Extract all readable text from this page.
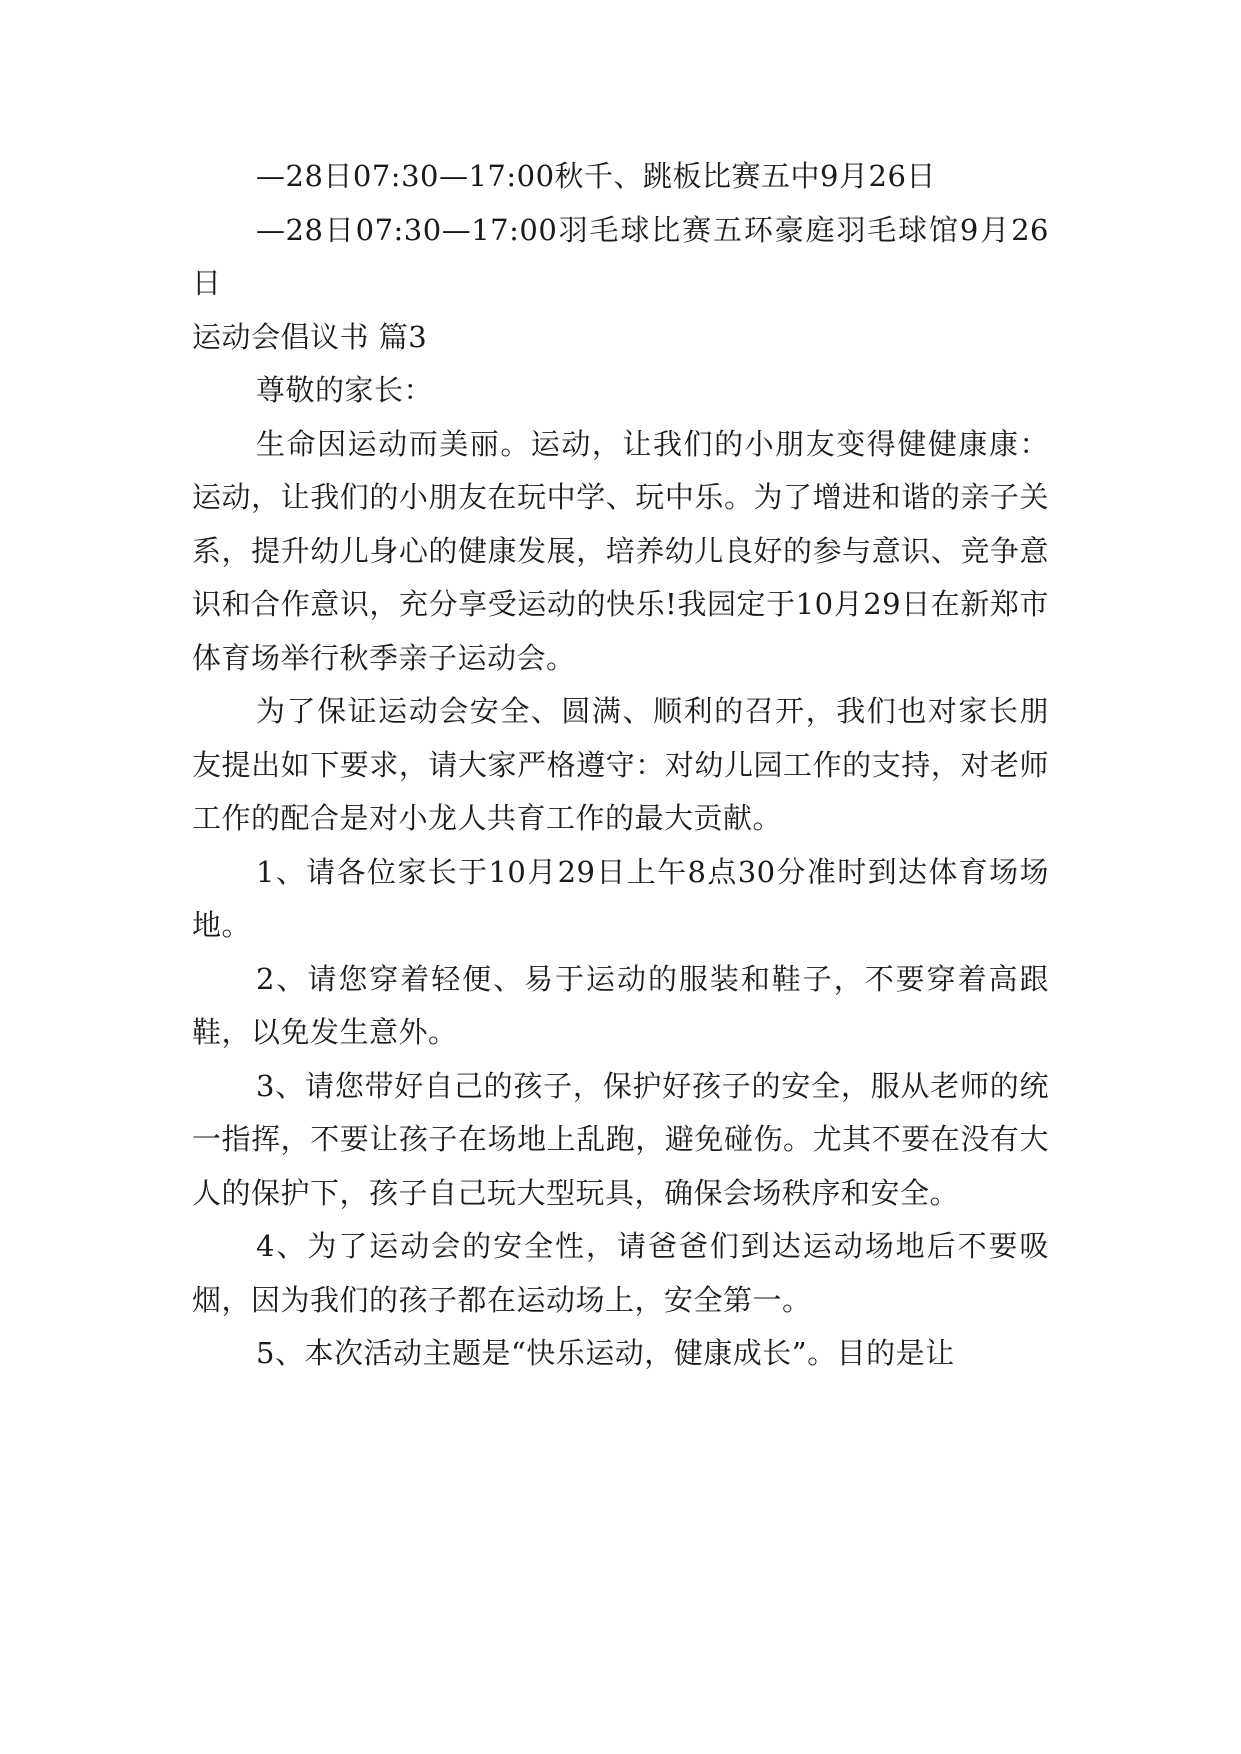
—28日07:30—17:00秋千、跳板比赛五中9月26日

—28日07:30—17:00羽毛球比赛五环豪庭羽毛球馆9月26日

运动会倡议书 篇3

尊敬的家长：

生命因运动而美丽。运动，让我们的小朋友变得健健康康：运动，让我们的小朋友在玩中学、玩中乐。为了增进和谐的亲子关系，提升幼儿身心的健康发展，培养幼儿良好的参与意识、竞争意识和合作意识，充分享受运动的快乐!我园定于10月29日在新郑市体育场举行秋季亲子运动会。

为了保证运动会安全、圆满、顺利的召开，我们也对家长朋友提出如下要求，请大家严格遵守：对幼儿园工作的支持，对老师工作的配合是对小龙人共育工作的最大贡献。

1、请各位家长于10月29日上午8点30分准时到达体育场场地。

2、请您穿着轻便、易于运动的服装和鞋子，不要穿着高跟鞋，以免发生意外。

3、请您带好自己的孩子，保护好孩子的安全，服从老师的统一指挥，不要让孩子在场地上乱跑，避免碰伤。尤其不要在没有大人的保护下，孩子自己玩大型玩具，确保会场秩序和安全。

4、为了运动会的安全性，请爸爸们到达运动场地后不要吸烟，因为我们的孩子都在运动场上，安全第一。

5、本次活动主题是“快乐运动，健康成长”。目的是让
